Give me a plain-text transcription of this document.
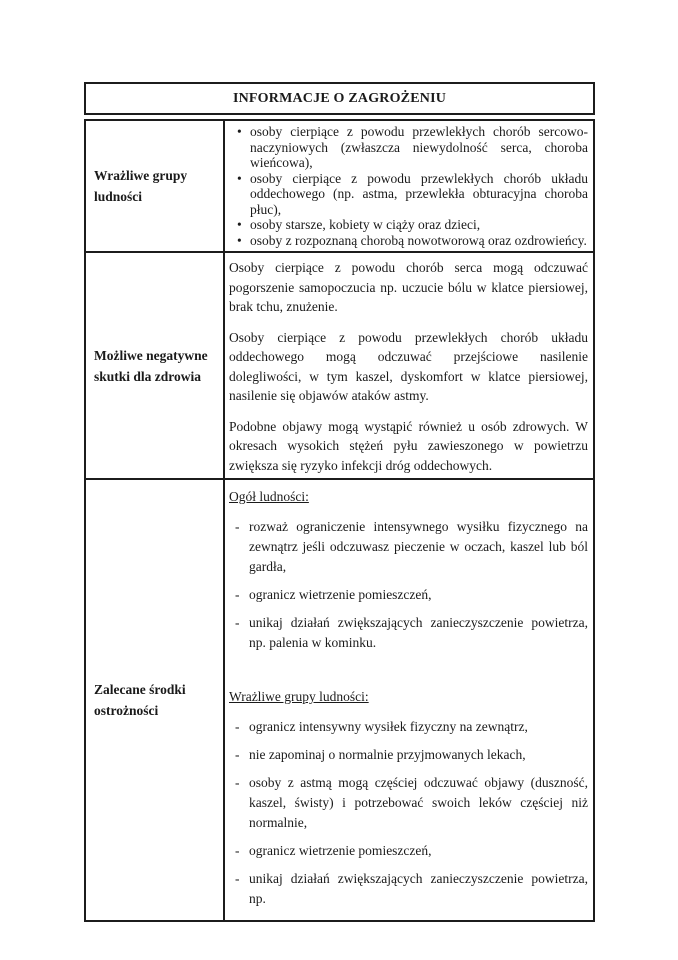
INFORMACJE O ZAGROŻENIU
Wrażliwe grupy ludności
• osoby cierpiące z powodu przewlekłych chorób sercowo-naczyniowych (zwłaszcza niewydolność serca, choroba wieńcowa),
• osoby cierpiące z powodu przewlekłych chorób układu oddechowego (np. astma, przewlekła obturacyjna choroba płuc),
• osoby starsze, kobiety w ciąży oraz dzieci,
• osoby z rozpoznaną chorobą nowotworową oraz ozdrowieńcy.
Możliwe negatywne skutki dla zdrowia
Osoby cierpiące z powodu chorób serca mogą odczuwać pogorszenie samopoczucia np. uczucie bólu w klatce piersiowej, brak tchu, znużenie.
Osoby cierpiące z powodu przewlekłych chorób układu oddechowego mogą odczuwać przejściowe nasilenie dolegliwości, w tym kaszel, dyskomfort w klatce piersiowej, nasilenie się objawów ataków astmy.
Podobne objawy mogą wystąpić również u osób zdrowych. W okresach wysokich stężeń pyłu zawieszonego w powietrzu zwiększa się ryzyko infekcji dróg oddechowych.
Zalecane środki ostrożności
Ogół ludności:
- rozważ ograniczenie intensywnego wysiłku fizycznego na zewnątrz jeśli odczuwasz pieczenie w oczach, kaszel lub ból gardła,
- ogranicz wietrzenie pomieszczeń,
- unikaj działań zwiększających zanieczyszczenie powietrza, np. palenia w kominku.
Wrażliwe grupy ludności:
- ogranicz intensywny wysiłek fizyczny na zewnątrz,
- nie zapominaj o normalnie przyjmowanych lekach,
- osoby z astmą mogą częściej odczuwać objawy (duszność, kaszel, świsty) i potrzebować swoich leków częściej niż normalnie,
- ogranicz wietrzenie pomieszczeń,
- unikaj działań zwiększających zanieczyszczenie powietrza, np.
